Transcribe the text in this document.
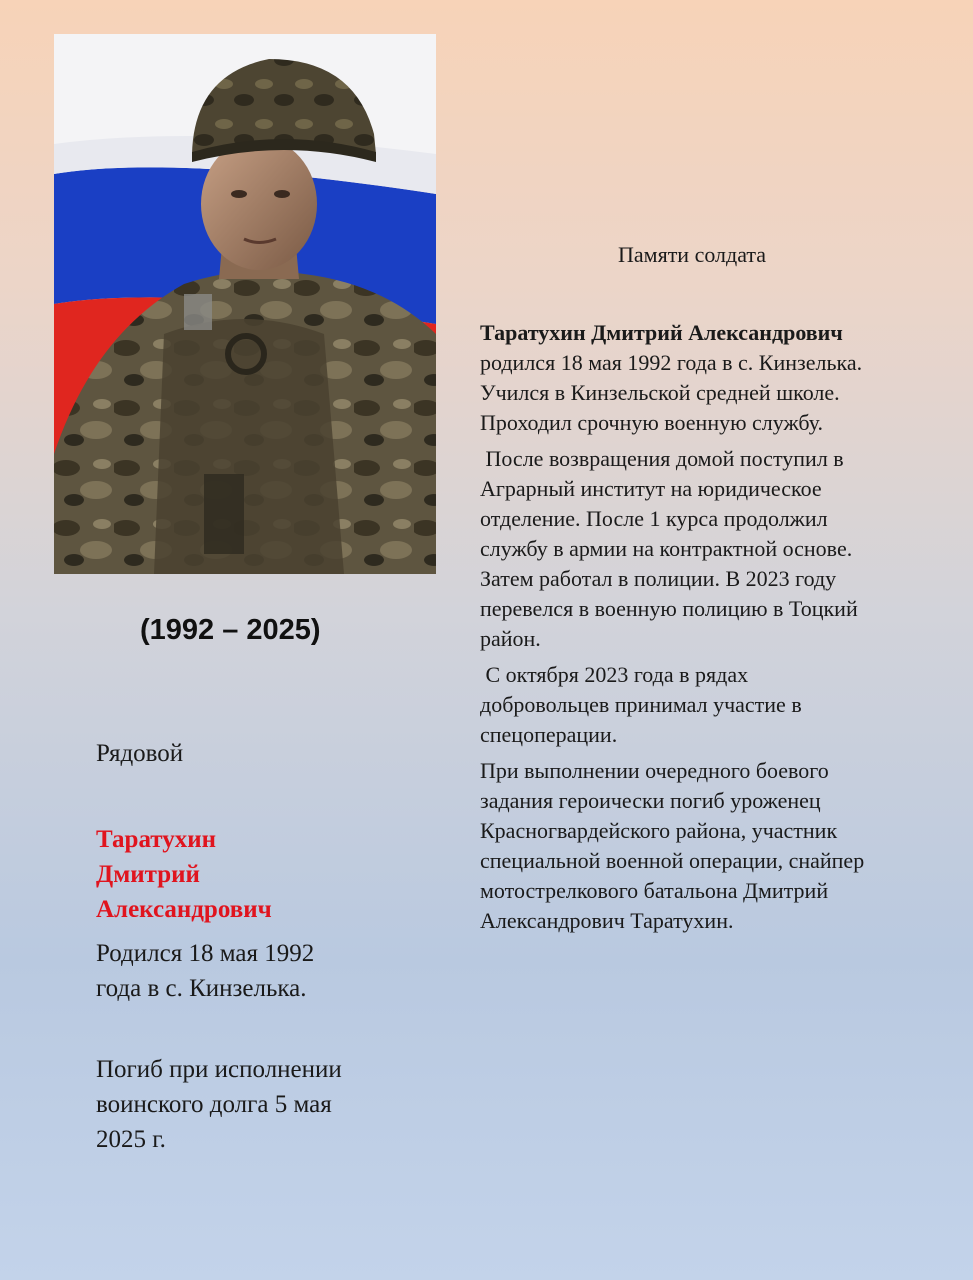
(1992 – 2025)
Рядовой
Таратухин
Дмитрий
Александрович
Родился 18 мая 1992
года в с. Кинзелька.
Погиб при исполнении
воинского долга 5 мая
2025 г.
Памяти солдата

Таратухин Дмитрий Александрович
родился 18 мая 1992 года в с. Кинзелька.
Учился в Кинзельской средней школе.
Проходил срочную военную службу.

После возвращения домой поступил в
Аграрный институт на юридическое
отделение. После 1 курса продолжил
службу в армии на контрактной основе.
Затем работал в полиции. В 2023 году
перевелся в военную полицию в Тоцкий
район.

С октября 2023 года в рядах
добровольцев принимал участие в
спецоперации.

При выполнении очередного боевого
задания героически погиб уроженец
Красногвардейского района, участник
специальной военной операции, снайпер
мотострелкового батальона Дмитрий
Александрович Таратухин.
